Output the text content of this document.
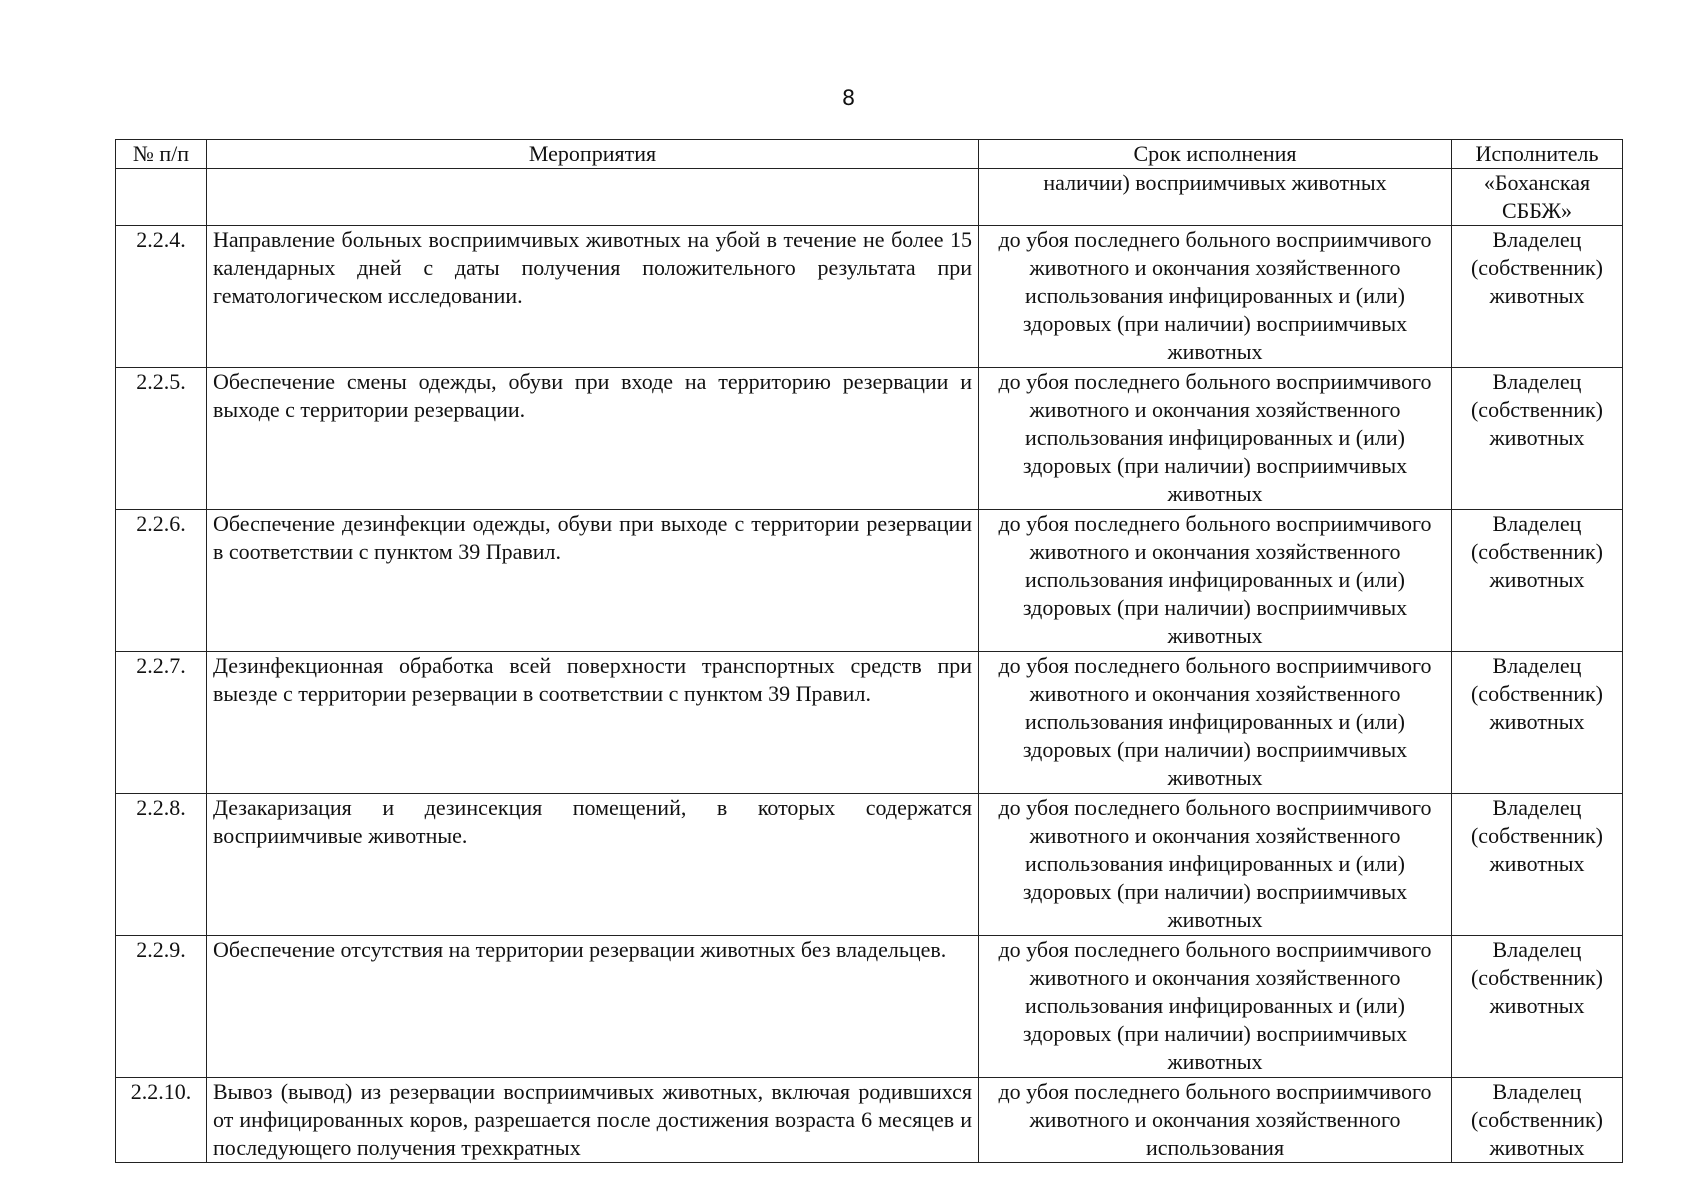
8
№ п/п	Мероприятия	Срок исполнения	Исполнитель
		наличии) восприимчивых животных	«Боханская СББЖ»
2.2.4.	Направление больных восприимчивых животных на убой в течение не более 15 календарных дней с даты получения положительного результата при гематологическом исследовании.	до убоя последнего больного восприимчивого животного и окончания хозяйственного использования инфицированных и (или) здоровых (при наличии) восприимчивых животных	Владелец (собственник) животных
2.2.5.	Обеспечение смены одежды, обуви при входе на территорию резервации и выходе с территории резервации.	до убоя последнего больного восприимчивого животного и окончания хозяйственного использования инфицированных и (или) здоровых (при наличии) восприимчивых животных	Владелец (собственник) животных
2.2.6.	Обеспечение дезинфекции одежды, обуви при выходе с территории резервации в соответствии с пунктом 39 Правил.	до убоя последнего больного восприимчивого животного и окончания хозяйственного использования инфицированных и (или) здоровых (при наличии) восприимчивых животных	Владелец (собственник) животных
2.2.7.	Дезинфекционная обработка всей поверхности транспортных средств при выезде с территории резервации в соответствии с пунктом 39 Правил.	до убоя последнего больного восприимчивого животного и окончания хозяйственного использования инфицированных и (или) здоровых (при наличии) восприимчивых животных	Владелец (собственник) животных
2.2.8.	Дезакаризация и дезинсекция помещений, в которых содержатся восприимчивые животные.	до убоя последнего больного восприимчивого животного и окончания хозяйственного использования инфицированных и (или) здоровых (при наличии) восприимчивых животных	Владелец (собственник) животных
2.2.9.	Обеспечение отсутствия на территории резервации животных без владельцев.	до убоя последнего больного восприимчивого животного и окончания хозяйственного использования инфицированных и (или) здоровых (при наличии) восприимчивых животных	Владелец (собственник) животных
2.2.10.	Вывоз (вывод) из резервации восприимчивых животных, включая родившихся от инфицированных коров, разрешается после достижения возраста 6 месяцев и последующего получения трехкратных	до убоя последнего больного восприимчивого животного и окончания хозяйственного использования	Владелец (собственник) животных
